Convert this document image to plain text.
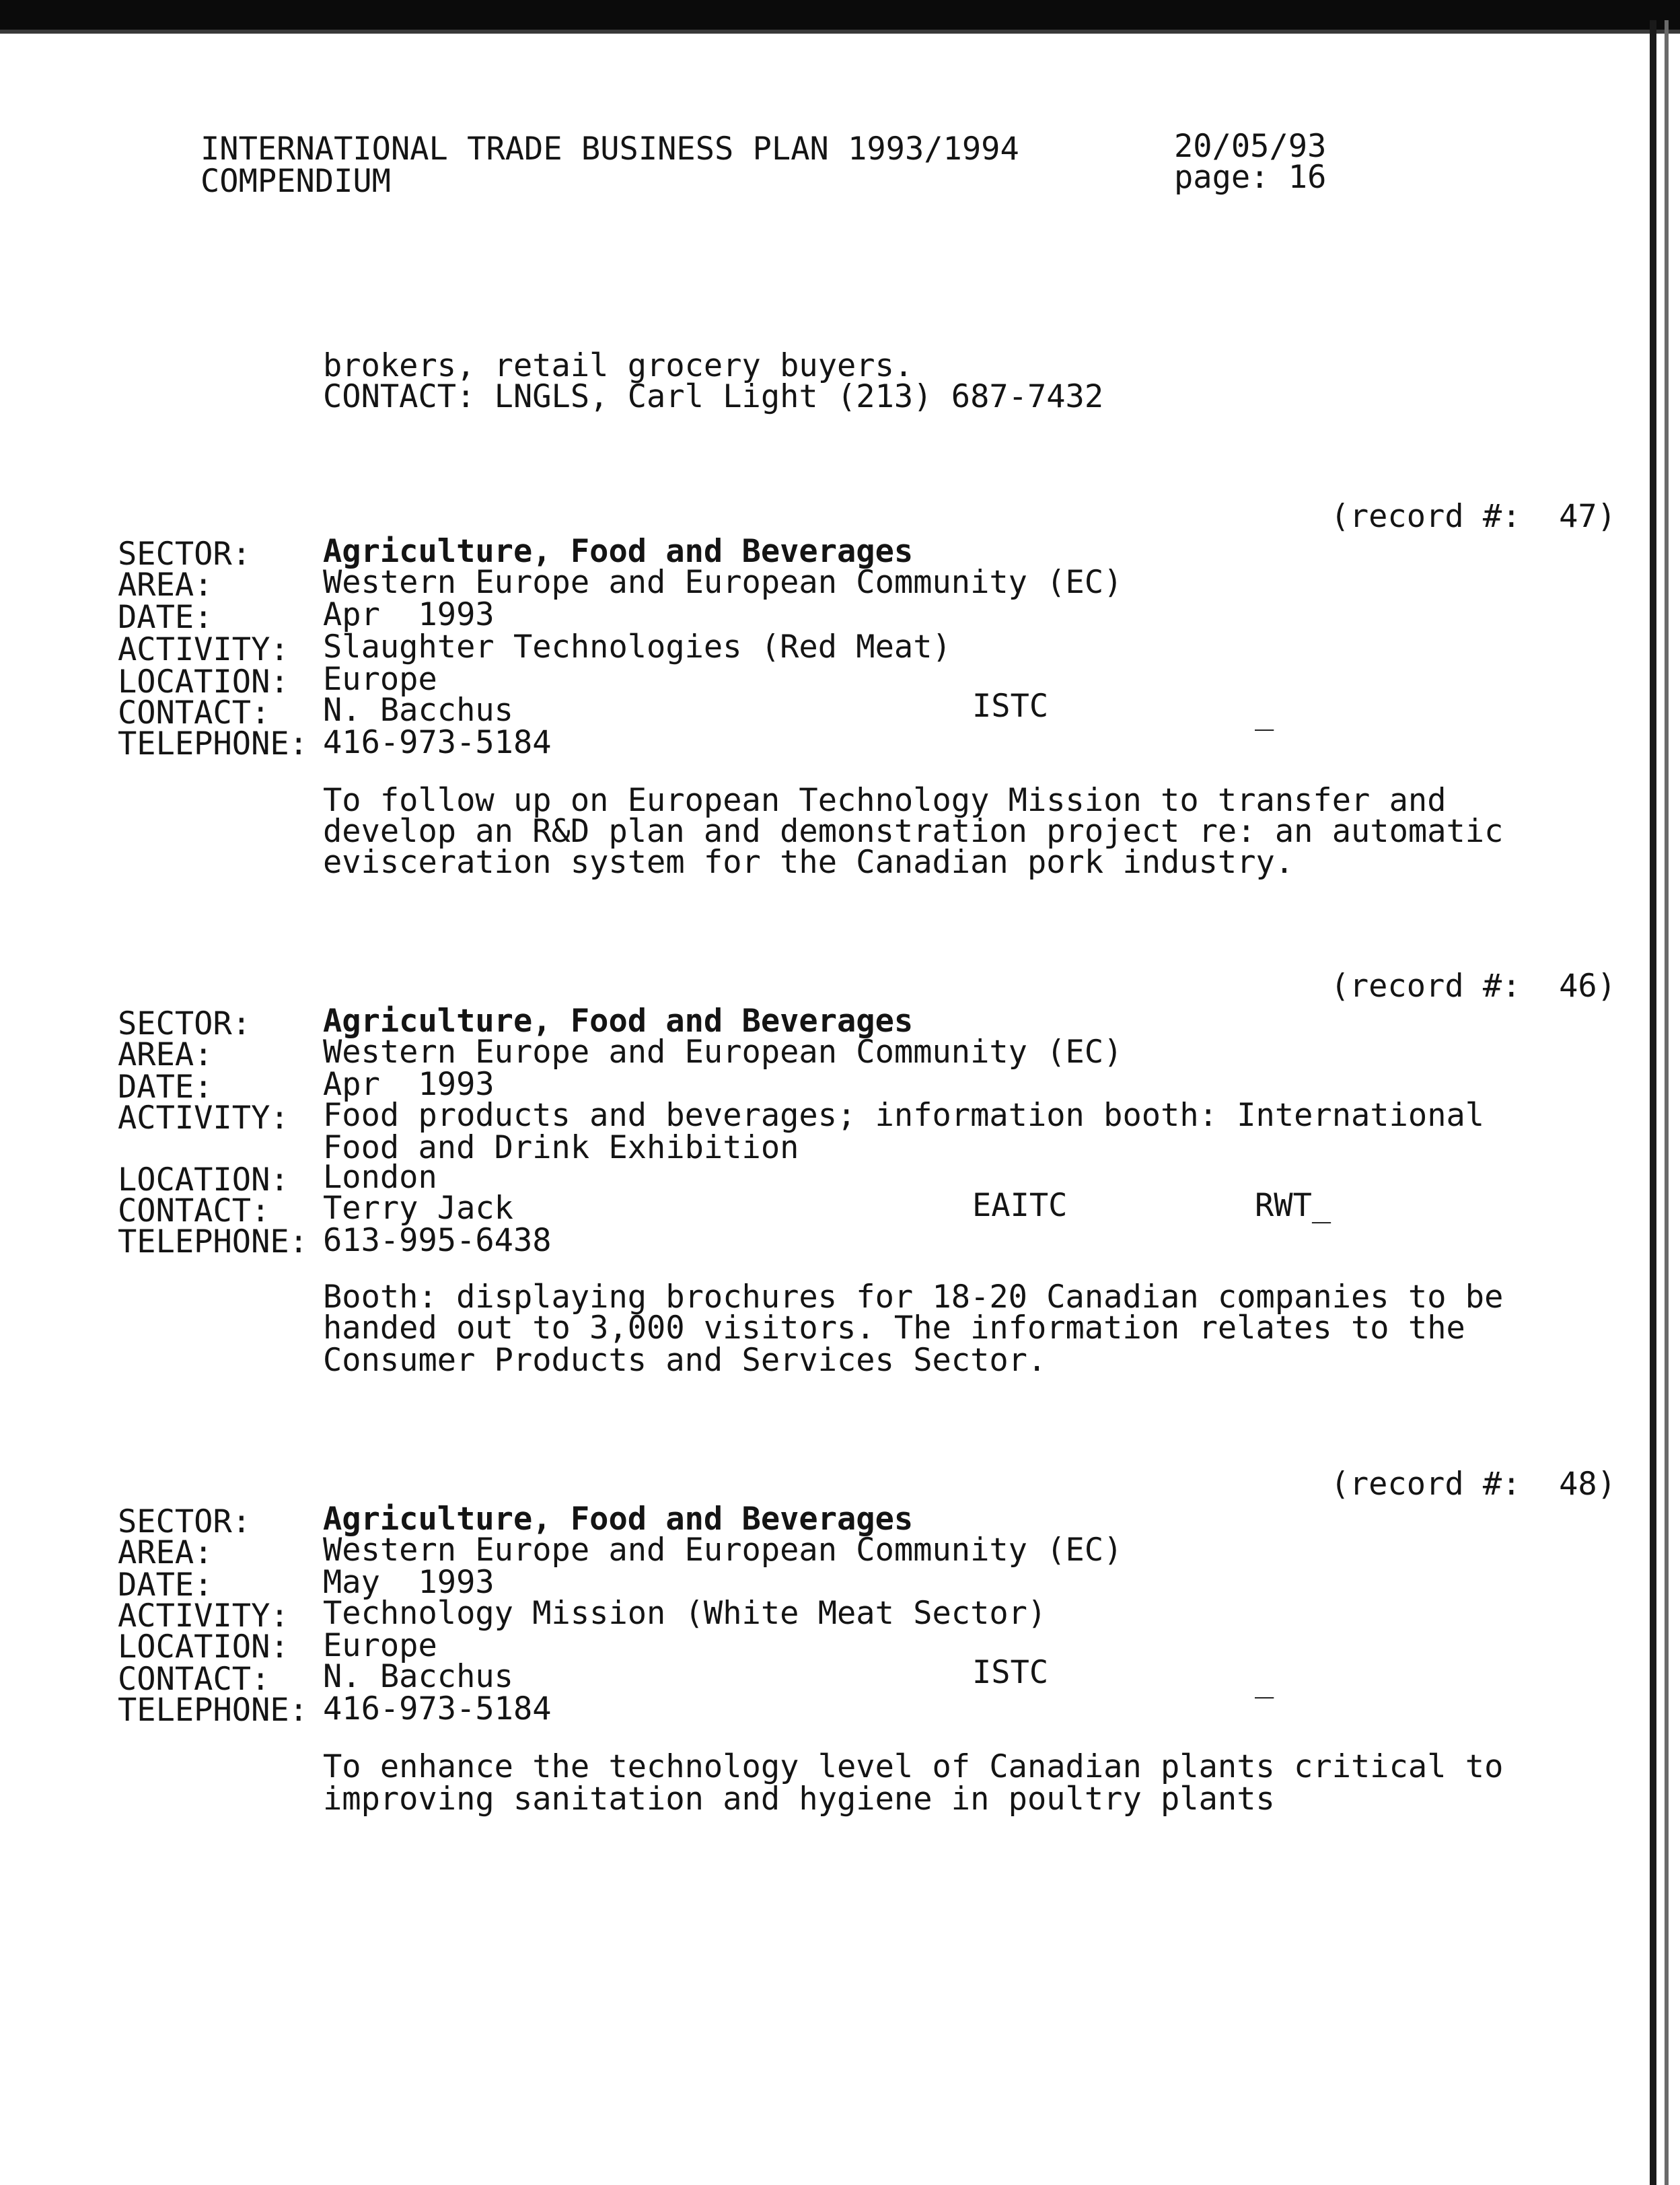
INTERNATIONAL TRADE BUSINESS PLAN 1993/1994
COMPENDIUM
20/05/93
page: 16
brokers, retail grocery buyers.
CONTACT: LNGLS, Carl Light (213) 687-7432
(record #:  47)
SECTOR: Agriculture, Food and Beverages
AREA:	Western Europe and European Community (EC)
DATE:	Apr  1993
ACTIVITY: Slaughter Technologies (Red Meat)
LOCATION: Europe
CONTACT: N. Bacchus	ISTC	_
TELEPHONE: 416-973-5184
To follow up on European Technology Mission to transfer and
develop an R&D plan and demonstration project re: an automatic
evisceration system for the Canadian pork industry.
(record #:  46)
SECTOR: Agriculture, Food and Beverages
AREA:	Western Europe and European Community (EC)
DATE:	Apr  1993
ACTIVITY: Food products and beverages; information booth: International
Food and Drink Exhibition
LOCATION: London
CONTACT: Terry Jack	EAITC	RWT_
TELEPHONE: 613-995-6438
Booth: displaying brochures for 18-20 Canadian companies to be
handed out to 3,000 visitors. The information relates to the
Consumer Products and Services Sector.
(record #:  48)
SECTOR: Agriculture, Food and Beverages
AREA:	Western Europe and European Community (EC)
DATE:	May  1993
ACTIVITY: Technology Mission (White Meat Sector)
LOCATION: Europe
CONTACT: N. Bacchus	ISTC	_
TELEPHONE: 416-973-5184
To enhance the technology level of Canadian plants critical to
improving sanitation and hygiene in poultry plants
